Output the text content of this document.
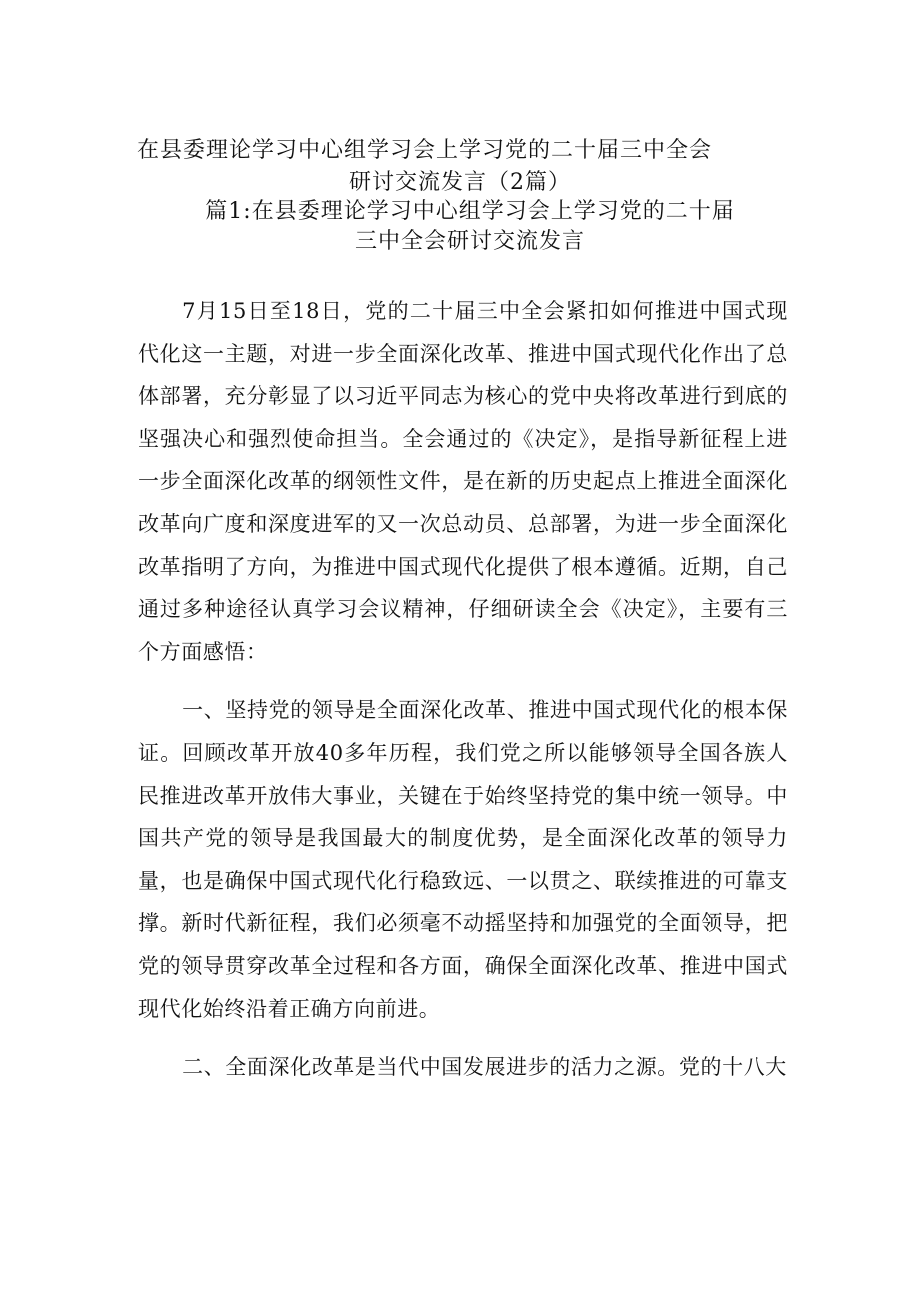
在县委理论学习中心组学习会上学习党的二十届三中全会
研讨交流发言（2篇）
篇1:在县委理论学习中心组学习会上学习党的二十届三中全会研讨交流发言

7月15日至18日，党的二十届三中全会紧扣如何推进中国式现代化这一主题，对进一步全面深化改革、推进中国式现代化作出了总体部署，充分彰显了以习近平同志为核心的党中央将改革进行到底的坚强决心和强烈使命担当。全会通过的《决定》，是指导新征程上进一步全面深化改革的纲领性文件，是在新的历史起点上推进全面深化改革向广度和深度进军的又一次总动员、总部署，为进一步全面深化改革指明了方向，为推进中国式现代化提供了根本遵循。近期，自己通过多种途径认真学习会议精神，仔细研读全会《决定》，主要有三个方面感悟：

一、坚持党的领导是全面深化改革、推进中国式现代化的根本保证。回顾改革开放40多年历程，我们党之所以能够领导全国各族人民推进改革开放伟大事业，关键在于始终坚持党的集中统一领导。中国共产党的领导是我国最大的制度优势，是全面深化改革的领导力量，也是确保中国式现代化行稳致远、一以贯之、联续推进的可靠支撑。新时代新征程，我们必须毫不动摇坚持和加强党的全面领导，把党的领导贯穿改革全过程和各方面，确保全面深化改革、推进中国式现代化始终沿着正确方向前进。

二、全面深化改革是当代中国发展进步的活力之源。党的十八大
